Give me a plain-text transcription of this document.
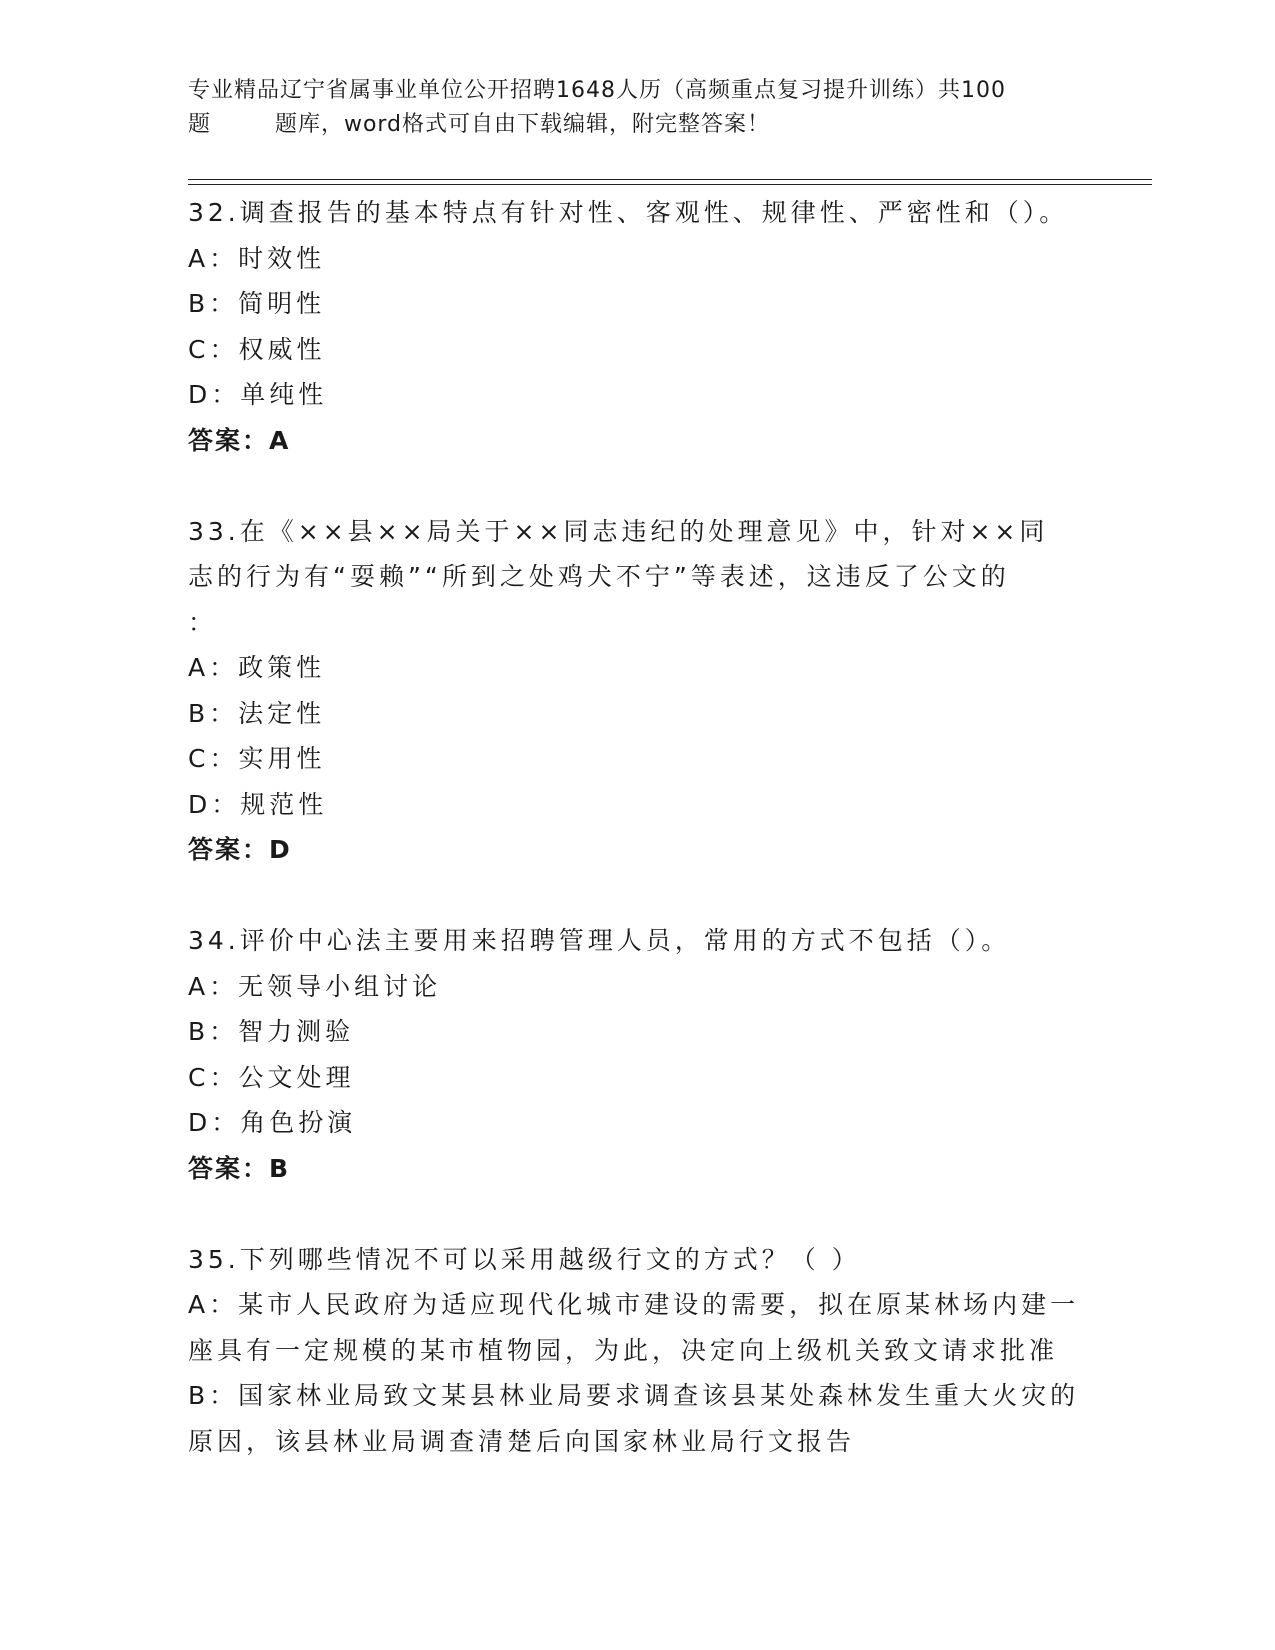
专业精品辽宁省属事业单位公开招聘1648人历（高频重点复习提升训练）共100
题        题库，word格式可自由下载编辑，附完整答案！
32.调查报告的基本特点有针对性、客观性、规律性、严密性和（）。
A：时效性
B：简明性
C：权威性
D：单纯性
答案：A
33.在《××县××局关于××同志违纪的处理意见》中，针对××同
志的行为有“耍赖”“所到之处鸡犬不宁”等表述，这违反了公文的
：
A：政策性
B：法定性
C：实用性
D：规范性
答案：D
34.评价中心法主要用来招聘管理人员，常用的方式不包括（）。
A：无领导小组讨论
B：智力测验
C：公文处理
D：角色扮演
答案：B
35.下列哪些情况不可以采用越级行文的方式？（ ）
A：某市人民政府为适应现代化城市建设的需要，拟在原某林场内建一
座具有一定规模的某市植物园，为此，决定向上级机关致文请求批准
B：国家林业局致文某县林业局要求调查该县某处森林发生重大火灾的
原因，该县林业局调查清楚后向国家林业局行文报告
